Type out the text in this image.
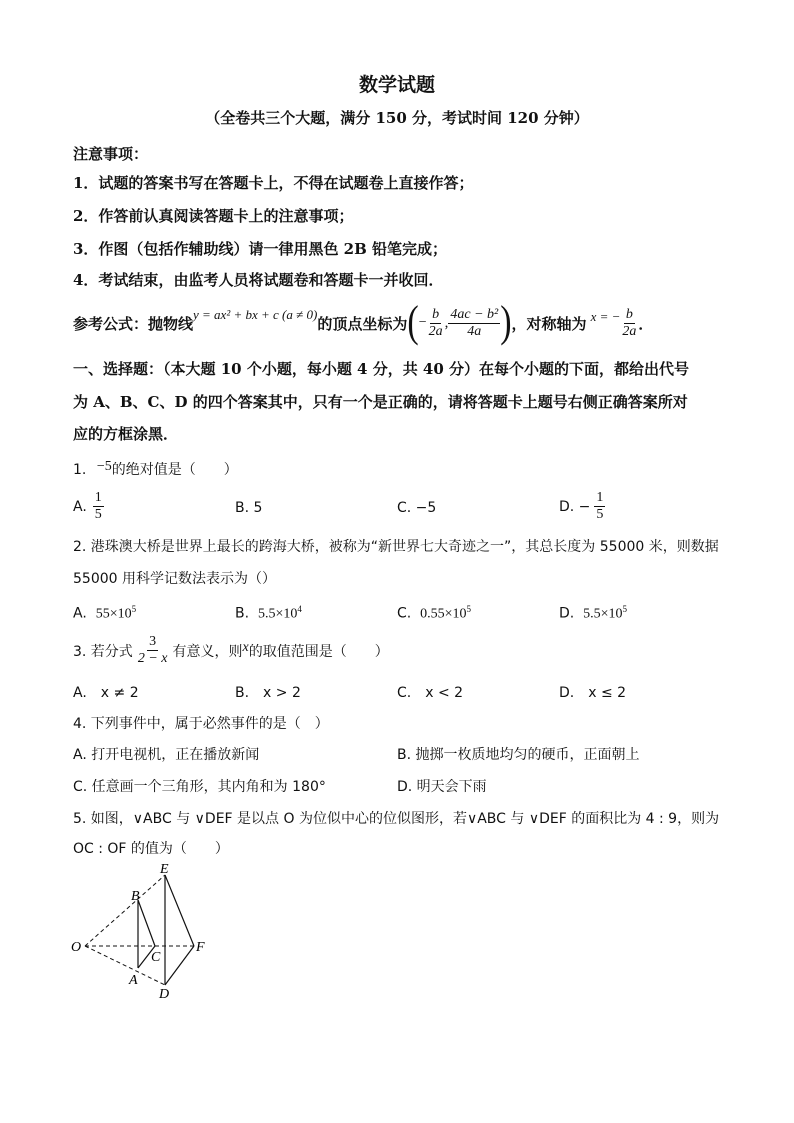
数学试题
（全卷共三个大题，满分 150 分，考试时间 120 分钟）
注意事项：
1．试题的答案书写在答题卡上，不得在试题卷上直接作答；
2．作答前认真阅读答题卡上的注意事项；
3．作图（包括作辅助线）请一律用黑色 2B 铅笔完成；
4．考试结束，由监考人员将试题卷和答题卡一并收回．
参考公式：抛物线 y = ax² + bx + c (a ≠ 0) 的顶点坐标为 ( − $\frac{b}{2a}$ , $\frac{\text{4ac − b²}}{4a}$ ) ，对称轴为 x = − $\frac{b}{2a}$ ．
一、选择题：（本大题 10 个小题，每小题 4 分，共 40 分）在每个小题的下面，都给出代号
为 A、B、C、D 的四个答案其中，只有一个是正确的，请将答题卡上题号右侧正确答案所对
应的方框涂黑．
1. −5的绝对值是（　　）
A. $\frac{1}{5}$	B. 5	C. −5	D. − $\frac{1}{5}$
2. 港珠澳大桥是世界上最长的跨海大桥，被称为“新世界七大奇迹之一”，其总长度为 55000 米，则数据
55000 用科学记数法表示为（）
A. $55\times 10^5$	B. $5.5\times 10^4$	C. $0.55\times 10^5$	D. $5.5\times 10^5$
3. 若分式 $\frac{3}{2 - x}$ 有意义，则 x 的取值范围是（　　）
A.　x ≠ 2	B.　x > 2	C.　x < 2	D.　x ≤ 2
4. 下列事件中，属于必然事件的是（　）
A. 打开电视机，正在播放新闻	B. 抛掷一枚质地均匀的硬币，正面朝上
C. 任意画一个三角形，其内角和为 180°	D. 明天会下雨
5. 如图，∨ABC 与 ∨DEF 是以点 O 为位似中心的位似图形，若∨ABC 与 ∨DEF 的面积比为 4 : 9，则为
OC : OF 的值为（　　）
O
B
A
C
E
D
F
